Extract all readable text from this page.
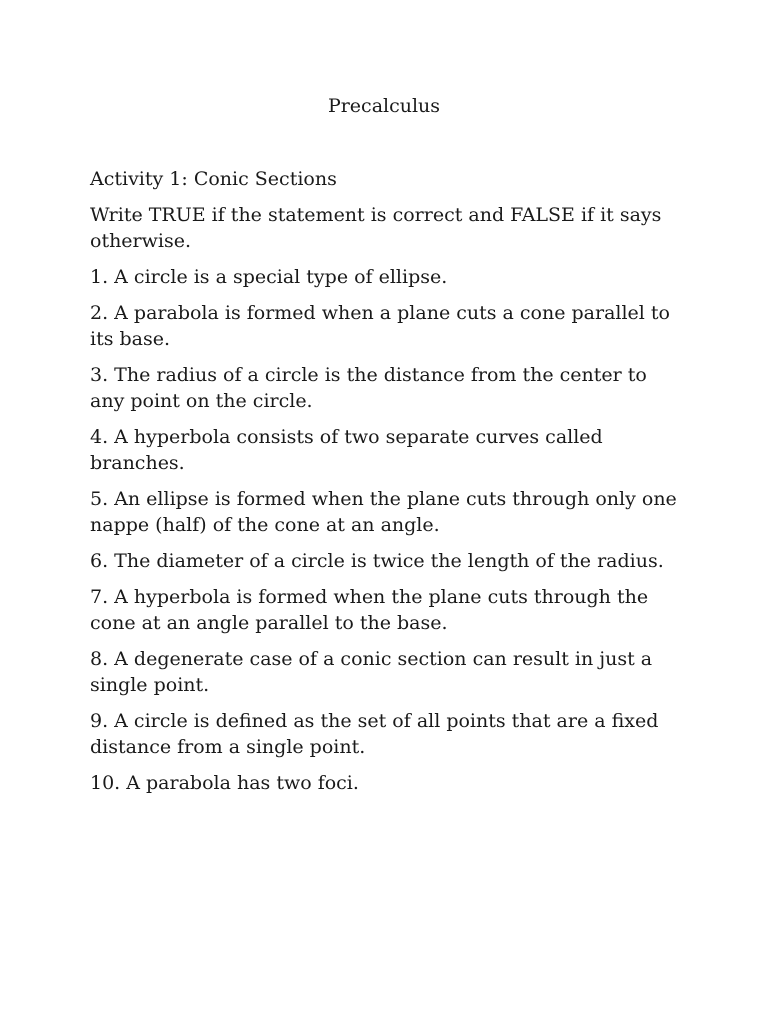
Precalculus
Activity 1: Conic Sections

Write TRUE if the statement is correct and FALSE if it says otherwise.

1. A circle is a special type of ellipse.
2. A parabola is formed when a plane cuts a cone parallel to its base.
3. The radius of a circle is the distance from the center to any point on the circle.
4. A hyperbola consists of two separate curves called branches.
5. An ellipse is formed when the plane cuts through only one nappe (half) of the cone at an angle.
6. The diameter of a circle is twice the length of the radius.
7. A hyperbola is formed when the plane cuts through the cone at an angle parallel to the base.
8. A degenerate case of a conic section can result in just a single point.
9. A circle is defined as the set of all points that are a fixed distance from a single point.
10. A parabola has two foci.
